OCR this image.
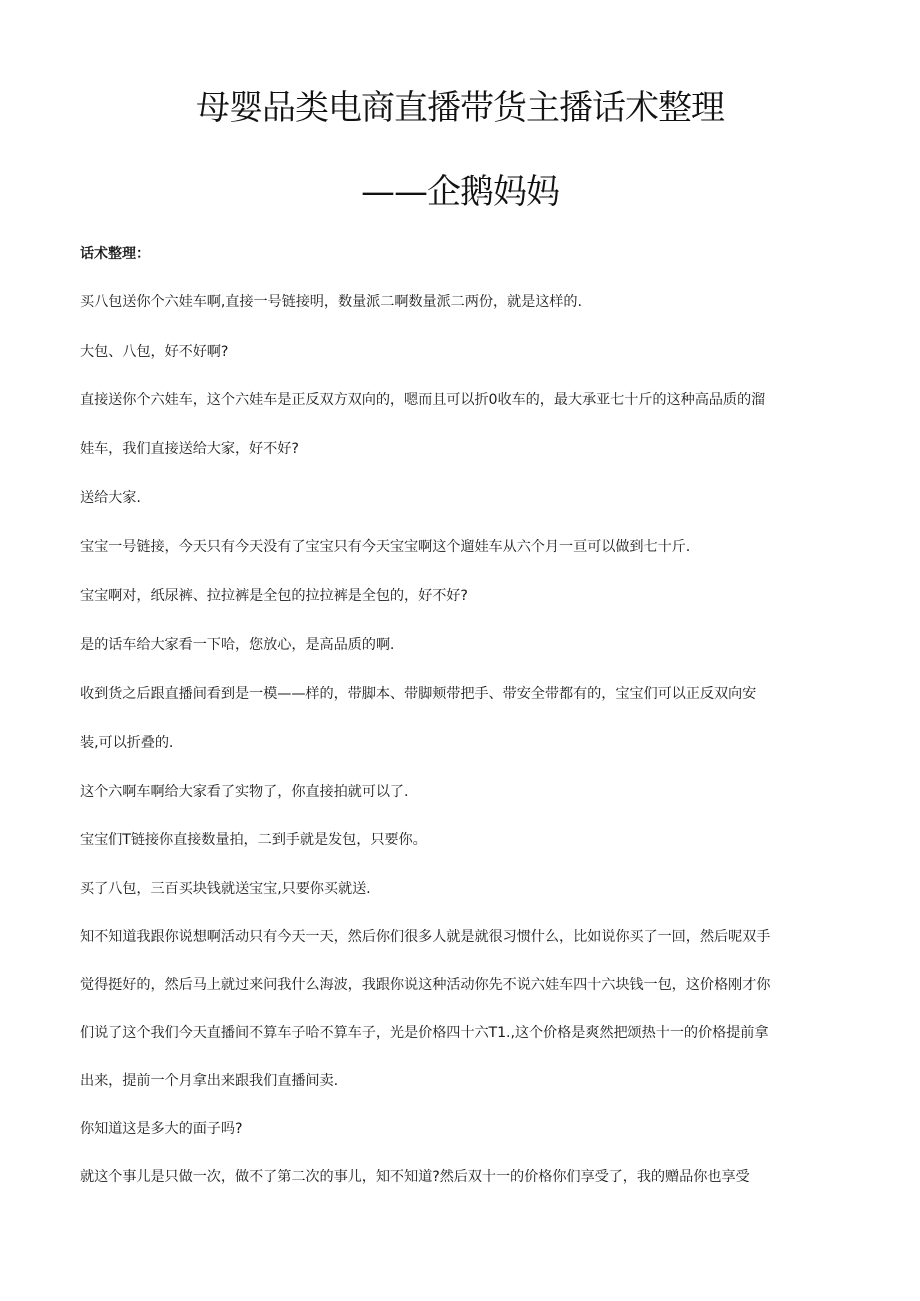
母婴品类电商直播带货主播话术整理
——企鹅妈妈

话术整理：

买八包送你个六娃车啊,直接一号链接明，数量派二啊数量派二两份，就是这样的.

大包、八包，好不好啊?

直接送你个六娃车，这个六娃车是正反双方双向的，嗯而且可以折0收车的，最大承亚七十斤的这种高品质的溜

娃车，我们直接送给大家，好不好?

送给大家.

宝宝一号链接，今天只有今天没有了宝宝只有今天宝宝啊这个遛娃车从六个月一亘可以做到七十斤.

宝宝啊对，纸尿裤、拉拉裤是全包的拉拉裤是全包的，好不好?

是的话车给大家看一下哈，您放心，是高品质的啊.

收到货之后跟直播间看到是一模——样的，带脚本、带脚颊带把手、带安全带都有的，宝宝们可以正反双向安

装,可以折叠的.

这个六啊车啊给大家看了实物了，你直接拍就可以了.

宝宝们T链接你直接数量拍，二到手就是发包，只要你。

买了八包，三百买块钱就送宝宝,只要你买就送.

知不知道我跟你说想啊活动只有今天一天，然后你们很多人就是就很习惯什么，比如说你买了一回，然后呢双手

觉得挺好的，然后马上就过来问我什么海波，我跟你说这种活动你先不说六娃车四十六块钱一包，这价格刚才你

们说了这个我们今天直播间不算车子哈不算车子，光是价格四十六T1.,这个价格是爽然把颂热十一的价格提前拿

出来，提前一个月拿出来跟我们直播间卖.

你知道这是多大的面子吗?

就这个事儿是只做一次，做不了第二次的事儿，知不知道?然后双十一的价格你们享受了，我的赠品你也享受
